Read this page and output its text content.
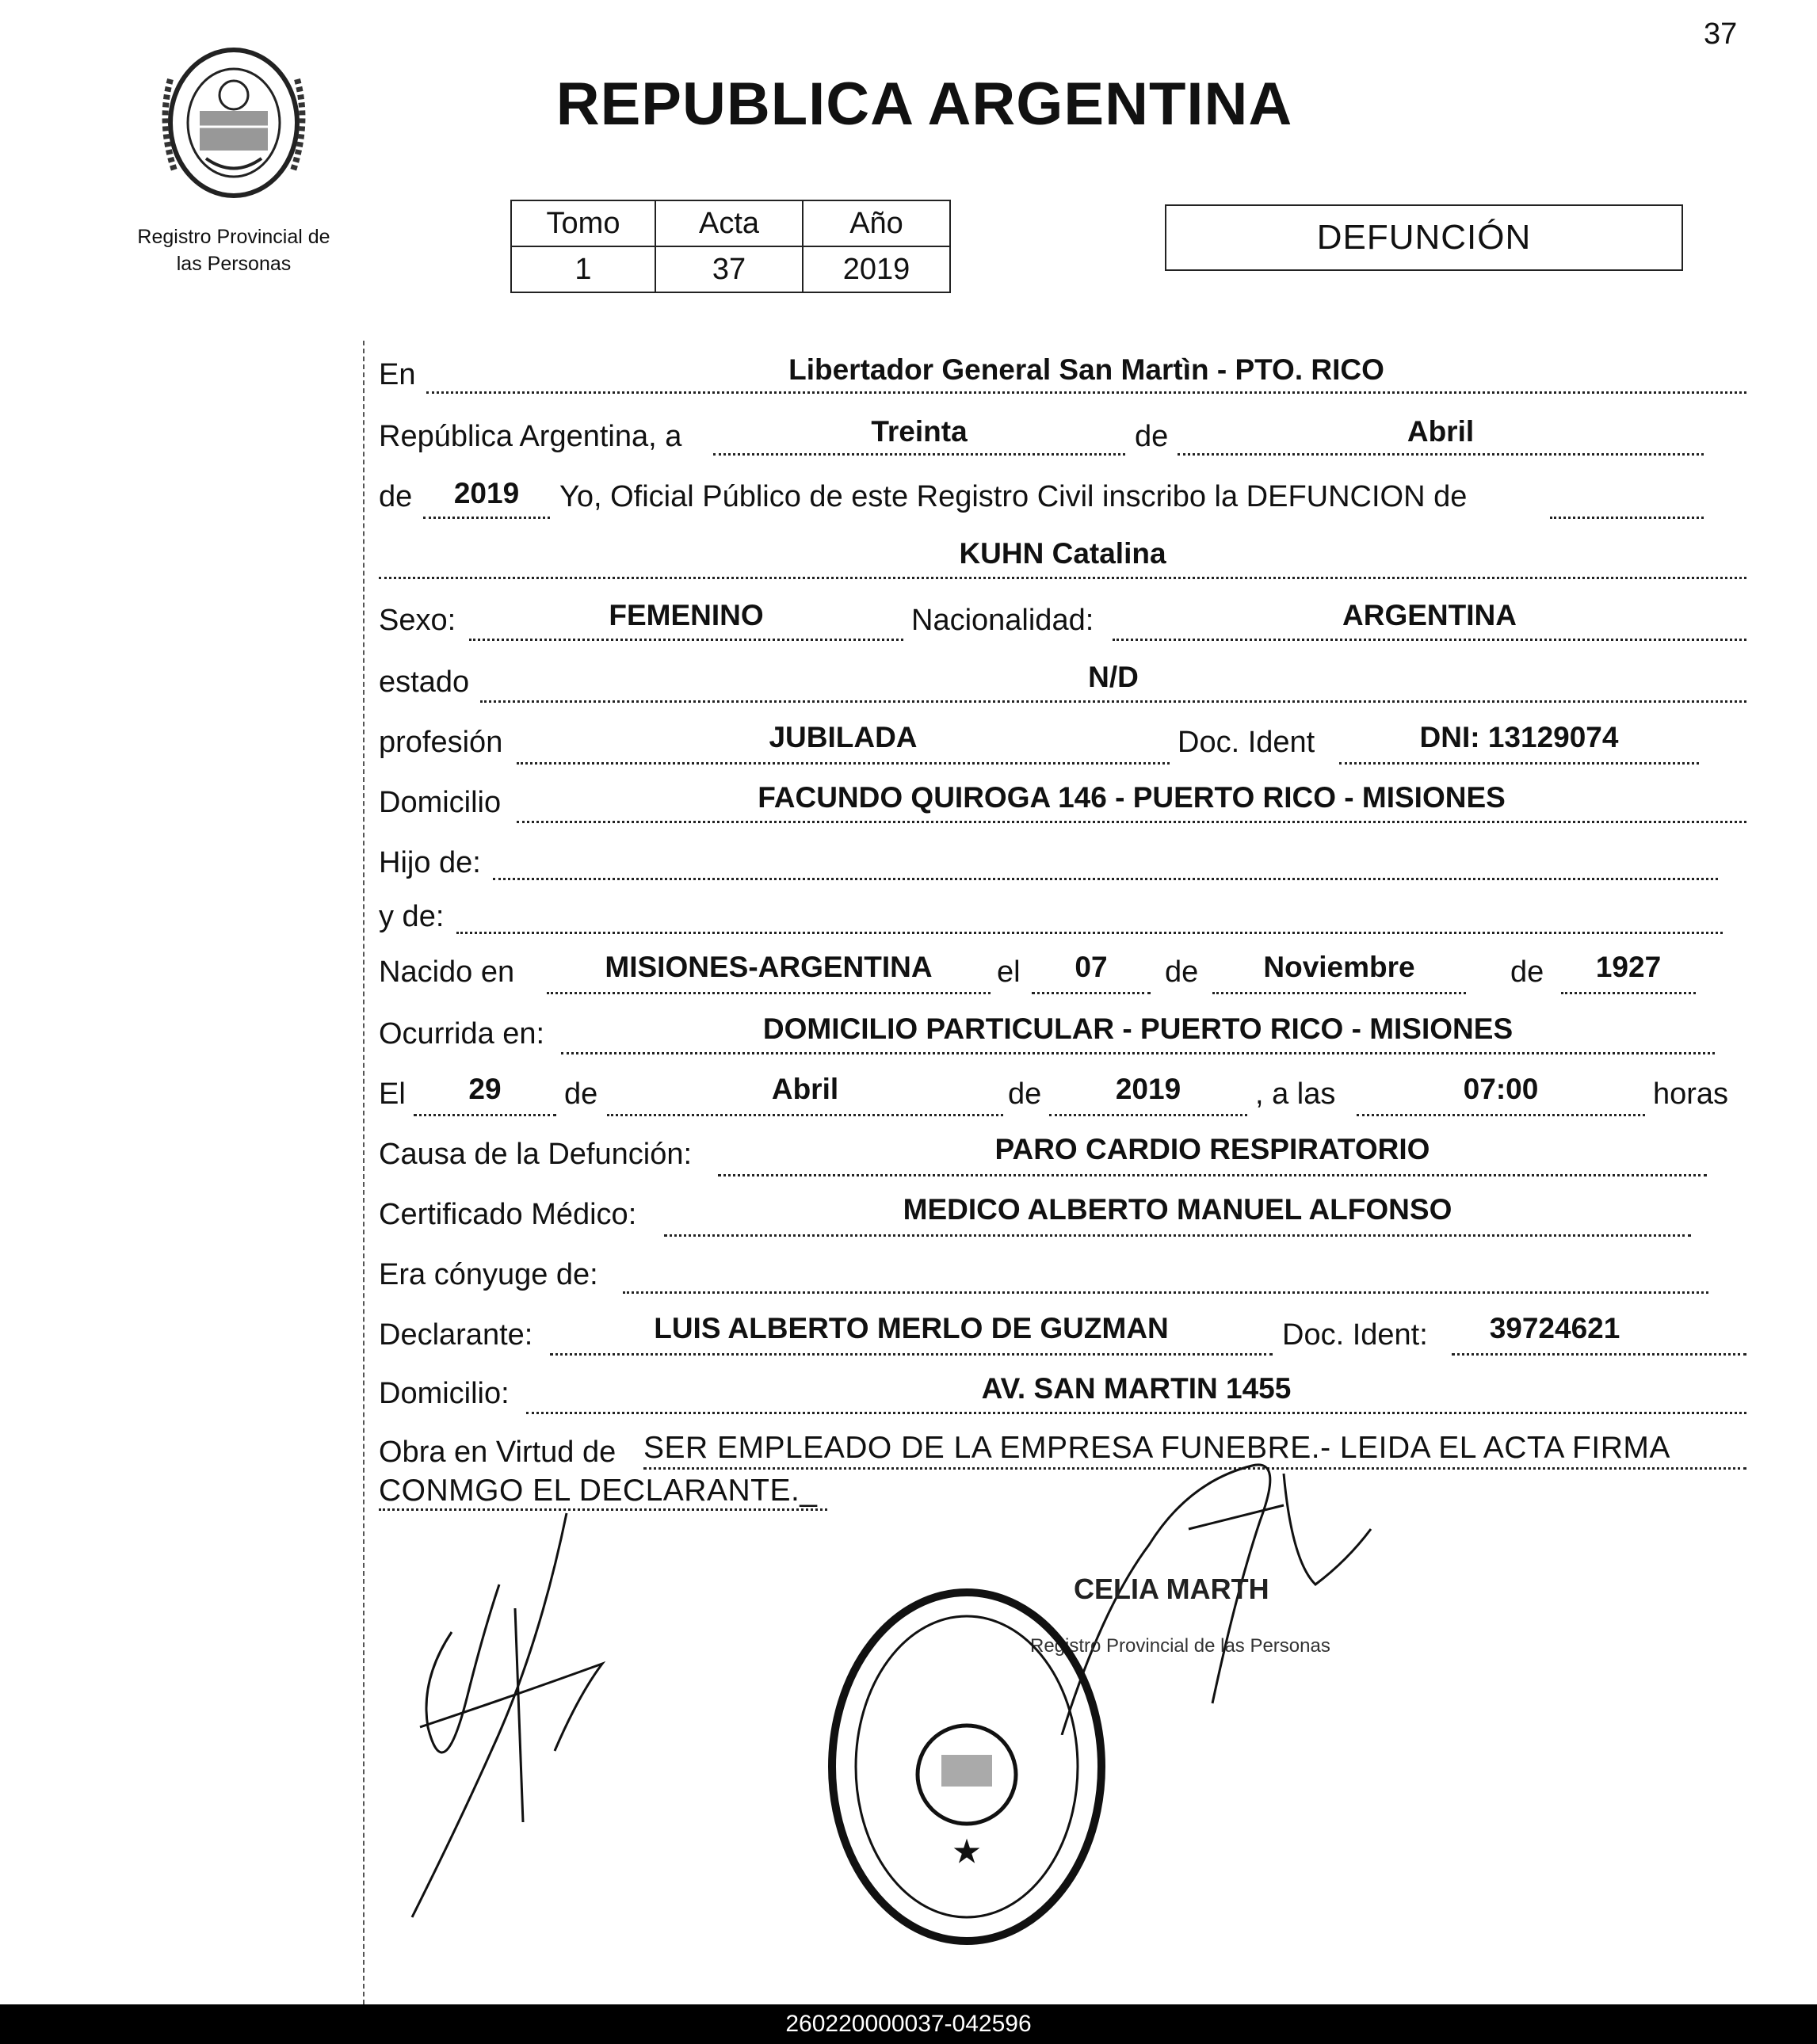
37
Registro Provincial de
las Personas
REPUBLICA ARGENTINA
Tomo	Acta	Año
1	37	2019
DEFUNCIÓN
En	Libertador General San Martìn - PTO. RICO
República Argentina, a	Treinta	de	Abril
de	2019	Yo, Oficial Público de este Registro Civil inscribo la DEFUNCION de
KUHN Catalina
Sexo:	FEMENINO	Nacionalidad:	ARGENTINA
estado	N/D
profesión	JUBILADA	Doc. Ident	DNI: 13129074
Domicilio	FACUNDO QUIROGA 146 - PUERTO RICO - MISIONES
Hijo de:
y de:
Nacido en	MISIONES-ARGENTINA	el	07	de	Noviembre	de	1927
Ocurrida en:	DOMICILIO PARTICULAR - PUERTO RICO - MISIONES
El	29	de	Abril	de	2019	, a las	07:00	horas
Causa de la Defunción:	PARO CARDIO RESPIRATORIO
Certificado Médico:	MEDICO ALBERTO MANUEL ALFONSO
Era cónyuge de:
Declarante:	LUIS ALBERTO MERLO DE GUZMAN	Doc. Ident:	39724621
Domicilio:	AV. SAN MARTIN 1455
Obra en Virtud de SER EMPLEADO DE LA EMPRESA FUNEBRE.- LEIDA EL ACTA FIRMA
CONMGO EL DECLARANTE._
CELIA MARTH
Registro Provincial de las Personas
★
260220000037-042596
